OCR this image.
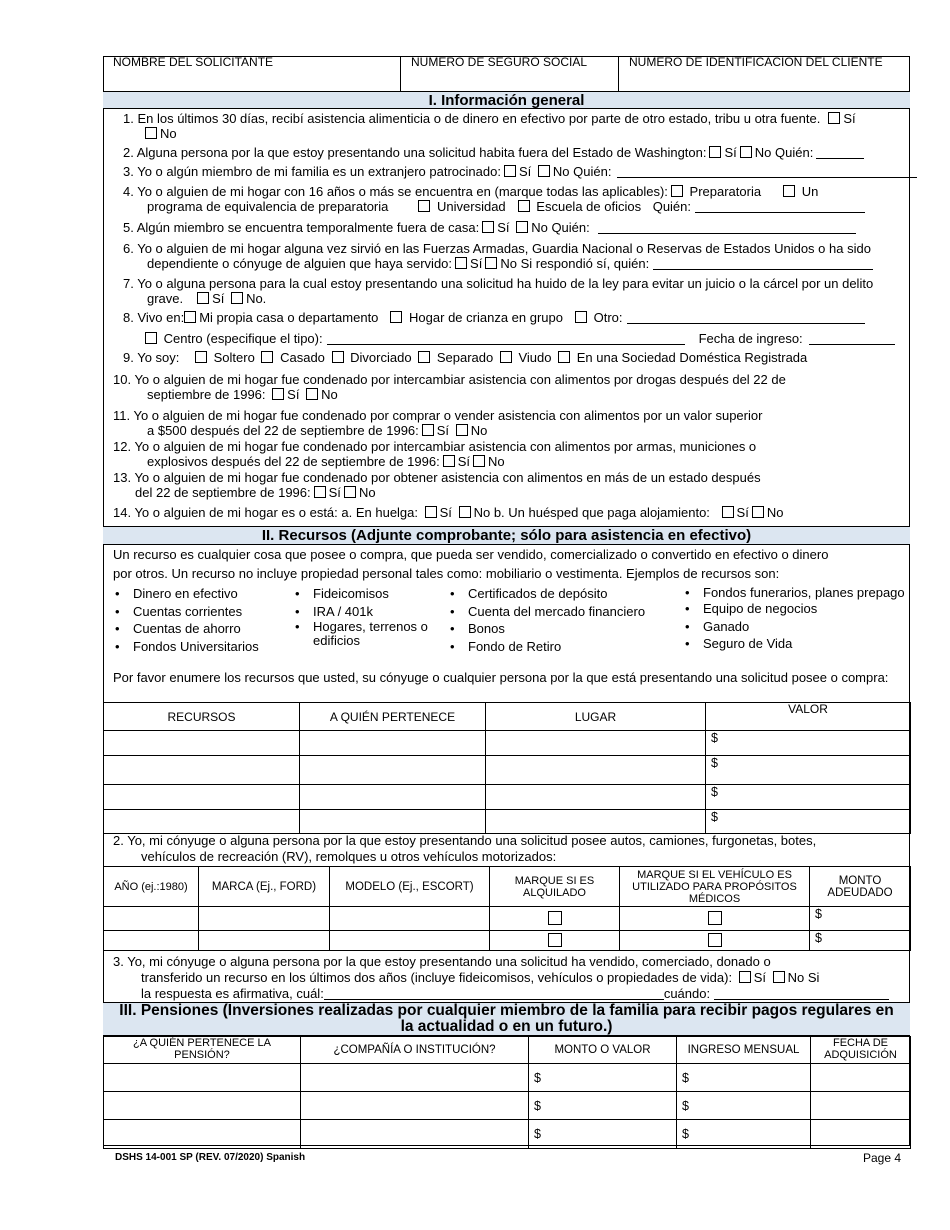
NOMBRE DEL SOLICITANTE	NUMERO DE SEGURO SOCIAL	NUMERO DE IDENTIFICACION DEL CLIENTE
I. Información general
1. En los últimos 30 días, recibí asistencia alimenticia o de dinero en efectivo por parte de otro estado, tribu u otra fuente. Sí
No
2. Alguna persona por la que estoy presentando una solicitud habita fuera del Estado de Washington: Sí No Quién:
3. Yo o algún miembro de mi familia es un extranjero patrocinado: Sí No Quién:
4. Yo o alguien de mi hogar con 16 años o más se encuentra en (marque todas las aplicables): Preparatoria	Un
programa de equivalencia de preparatoria	Universidad Escuela de oficios Quién:
5. Algún miembro se encuentra temporalmente fuera de casa: Sí No Quién:
6. Yo o alguien de mi hogar alguna vez sirvió en las Fuerzas Armadas, Guardia Nacional o Reservas de Estados Unidos o ha sido
dependiente o cónyuge de alguien que haya servido: Sí No Si respondió sí, quién:
7. Yo o alguna persona para la cual estoy presentando una solicitud ha huido de la ley para evitar un juicio o la cárcel por un delito
grave. Sí No.
8. Vivo en: Mi propia casa o departamento Hogar de crianza en grupo Otro:
Centro (especifique el tipo):	Fecha de ingreso:
9. Yo soy:	Soltero Casado Divorciado Separado Viudo En una Sociedad Doméstica Registrada
10. Yo o alguien de mi hogar fue condenado por intercambiar asistencia con alimentos por drogas después del 22 de
septiembre de 1996: Sí No
11. Yo o alguien de mi hogar fue condenado por comprar o vender asistencia con alimentos por un valor superior
a $500 después del 22 de septiembre de 1996: Sí No
12. Yo o alguien de mi hogar fue condenado por intercambiar asistencia con alimentos por armas, municiones o
explosivos después del 22 de septiembre de 1996: Sí No
13. Yo o alguien de mi hogar fue condenado por obtener asistencia con alimentos en más de un estado después
del 22 de septiembre de 1996: Sí No
14. Yo o alguien de mi hogar es o está: a. En huelga: Sí No b. Un huésped que paga alojamiento: Sí No
II. Recursos (Adjunte comprobante; sólo para asistencia en efectivo)
Un recurso es cualquier cosa que posee o compra, que pueda ser vendido, comercializado o convertido en efectivo o dinero
por otros. Un recurso no incluye propiedad personal tales como: mobiliario o vestimenta. Ejemplos de recursos son:
• Dinero en efectivo
• Cuentas corrientes
• Cuentas de ahorro
• Fondos Universitarios
• Fideicomisos
• IRA / 401k
• Hogares, terrenos o edificios
• Certificados de depósito
• Cuenta del mercado financiero
• Bonos
• Fondo de Retiro
• Fondos funerarios, planes prepago
• Equipo de negocios
• Ganado
• Seguro de Vida
Por favor enumere los recursos que usted, su cónyuge o cualquier persona por la que está presentando una solicitud posee o compra:
RECURSOS	A QUIÉN PERTENECE	LUGAR	VALOR
			$
			$
			$
			$
2. Yo, mi cónyuge o alguna persona por la que estoy presentando una solicitud posee autos, camiones, furgonetas, botes,
vehículos de recreación (RV), remolques u otros vehículos motorizados:
AÑO (ej.:1980)	MARCA (Ej., FORD)	MODELO (Ej., ESCORT)	MARQUE SI ES ALQUILADO	MARQUE SI EL VEHÍCULO ES UTILIZADO PARA PROPÓSITOS MÉDICOS	MONTO ADEUDADO
					$
					$
3. Yo, mi cónyuge o alguna persona por la que estoy presentando una solicitud ha vendido, comerciado, donado o
transferido un recurso en los últimos dos años (incluye fideicomisos, vehículos o propiedades de vida): Sí No Si
la respuesta es afirmativa, cuál:	cuándo:
III. Pensiones (Inversiones realizadas por cualquier miembro de la familia para recibir pagos regulares en la actualidad o en un futuro.)
¿A QUIÉN PERTENECE LA PENSIÓN?	¿COMPAÑÍA O INSTITUCIÓN?	MONTO O VALOR	INGRESO MENSUAL	FECHA DE ADQUISICIÓN
		$	$	
		$	$	
		$	$	
DSHS 14-001 SP (REV. 07/2020) Spanish	Page 4
